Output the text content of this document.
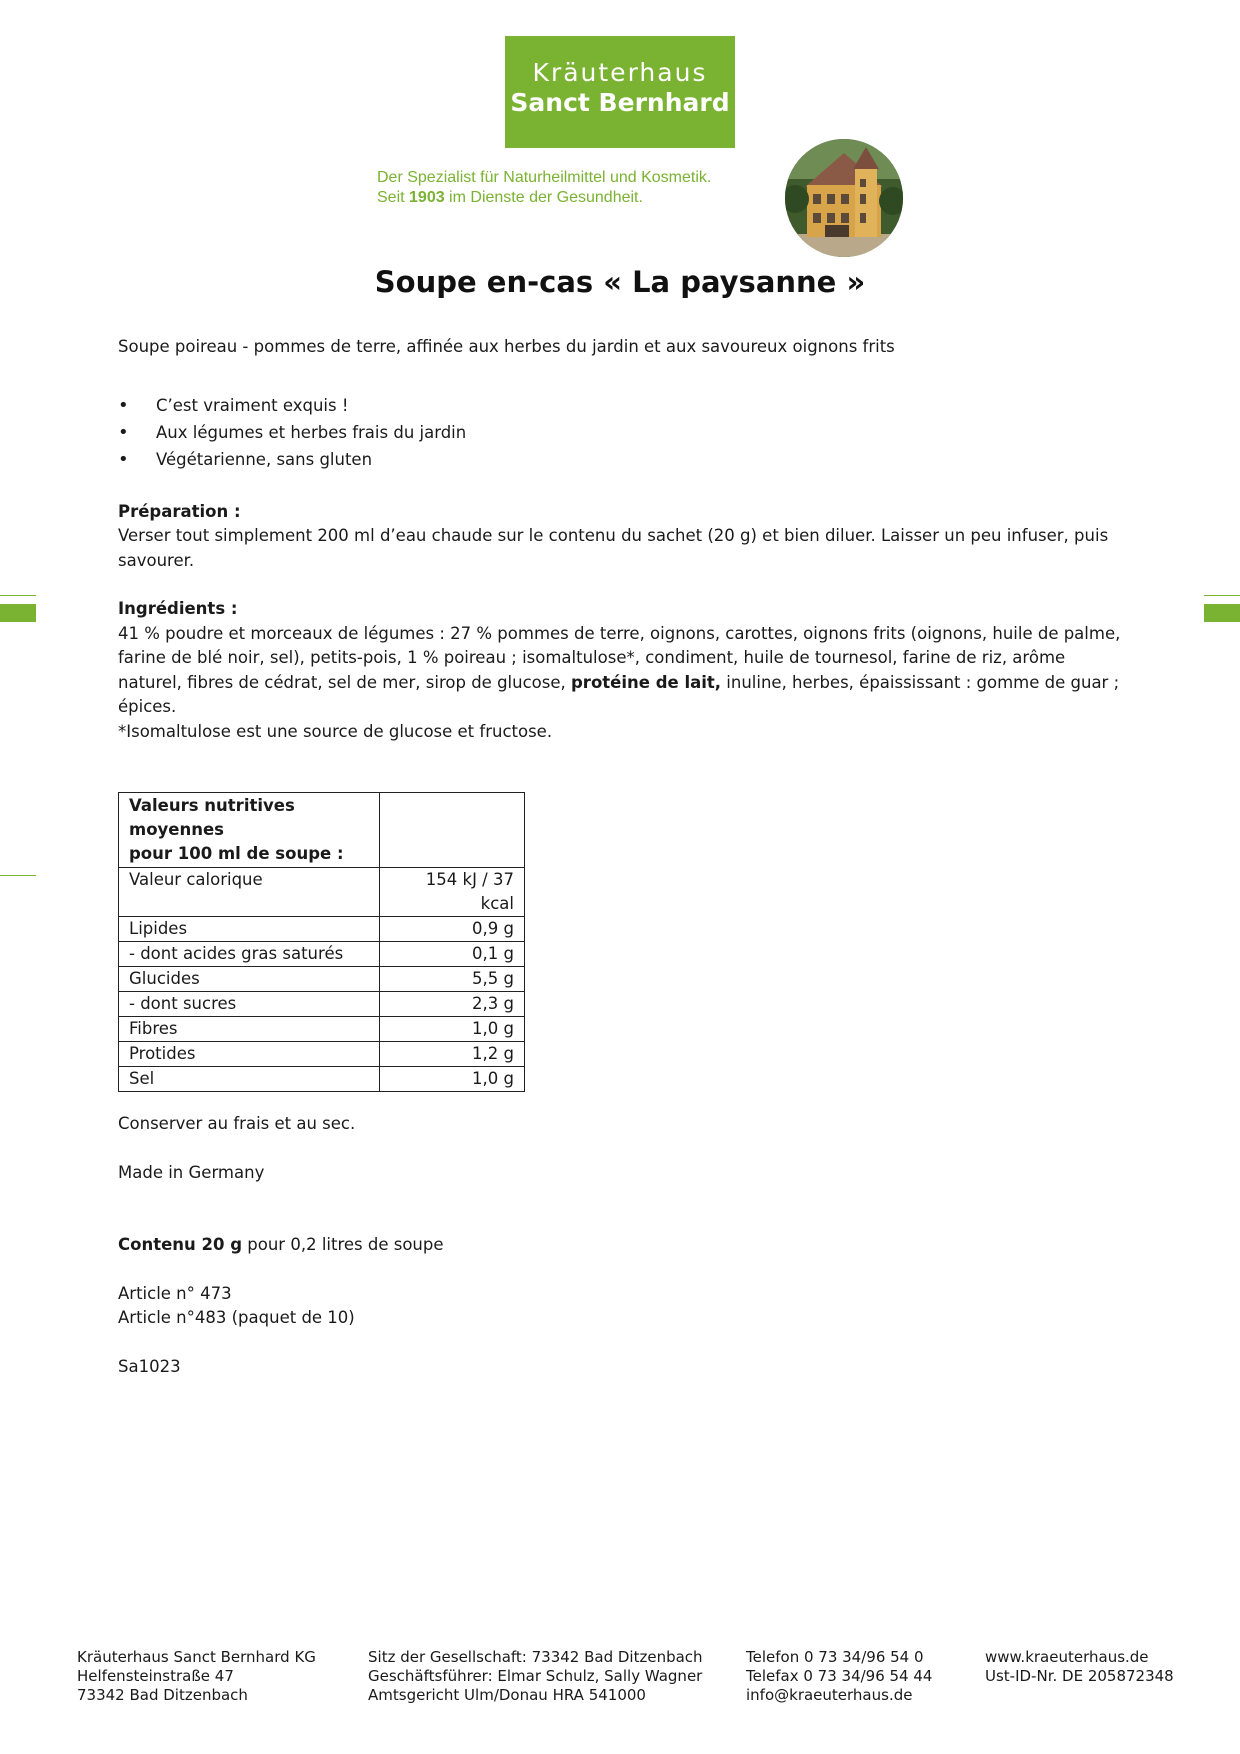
Kräuterhaus
Sanct Bernhard
Der Spezialist für Naturheilmittel und Kosmetik.
Seit 1903 im Dienste der Gesundheit.
Soupe en-cas « La paysanne »

Soupe poireau - pommes de terre, affinée aux herbes du jardin et aux savoureux oignons frits

• C’est vraiment exquis !
• Aux légumes et herbes frais du jardin
• Végétarienne, sans gluten

Préparation :

Verser tout simplement 200 ml d’eau chaude sur le contenu du sachet (20 g) et bien diluer. Laisser un peu infuser, puis savourer.

Ingrédients :

41 % poudre et morceaux de légumes : 27 % pommes de terre, oignons, carottes, oignons frits (oignons, huile de palme, farine de blé noir, sel), petits-pois, 1 % poireau ; isomaltulose*, condiment, huile de tournesol, farine de riz, arôme naturel, fibres de cédrat, sel de mer, sirop de glucose, protéine de lait, inuline, herbes, épaississant : gomme de guar ; épices.

*Isomaltulose est une source de glucose et fructose.

Valeurs nutritives moyennes
pour 100 ml de soupe :	
Valeur calorique	154 kJ / 37 kcal
Lipides	0,9 g
- dont acides gras saturés	0,1 g
Glucides	5,5 g
- dont sucres	2,3 g
Fibres	1,0 g
Protides	1,2 g
Sel	1,0 g

Conserver au frais et au sec.

Made in Germany

Contenu 20 g pour 0,2 litres de soupe

Article n° 473

Article n°483 (paquet de 10)

Sa1023

Kräuterhaus Sanct Bernhard KG
Helfensteinstraße 47
73342 Bad Ditzenbach
Sitz der Gesellschaft: 73342 Bad Ditzenbach
Geschäftsführer: Elmar Schulz, Sally Wagner
Amtsgericht Ulm/Donau HRA 541000
Telefon 0 73 34/96 54 0
Telefax 0 73 34/96 54 44
info@kraeuterhaus.de
www.kraeuterhaus.de
Ust-ID-Nr. DE 205872348
